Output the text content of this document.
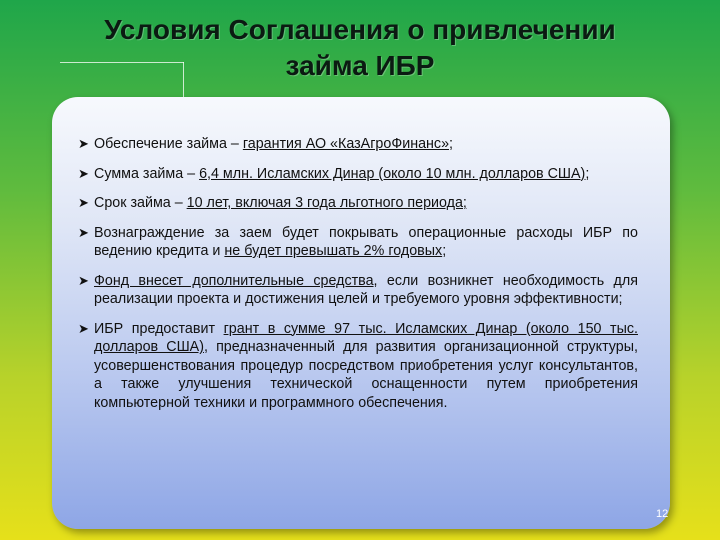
Условия Соглашения о привлечении
займа ИБР
➤ Обеспечение займа – гарантия АО «КазАгроФинанс»;
➤ Сумма займа – 6,4 млн. Исламских Динар (около 10 млн. долларов США);
➤ Срок займа – 10 лет, включая 3 года льготного периода;
➤ Вознаграждение за заем будет покрывать операционные расходы ИБР по ведению кредита и не будет превышать 2% годовых;
➤ Фонд внесет дополнительные средства, если возникнет необходимость для реализации проекта и достижения целей и требуемого уровня эффективности;
➤ ИБР предоставит грант в сумме 97 тыс. Исламских Динар (около 150 тыс. долларов США), предназначенный для развития организационной структуры, усовершенствования процедур посредством приобретения услуг консультантов, а также улучшения технической оснащенности путем приобретения компьютерной техники и программного обеспечения.
12
